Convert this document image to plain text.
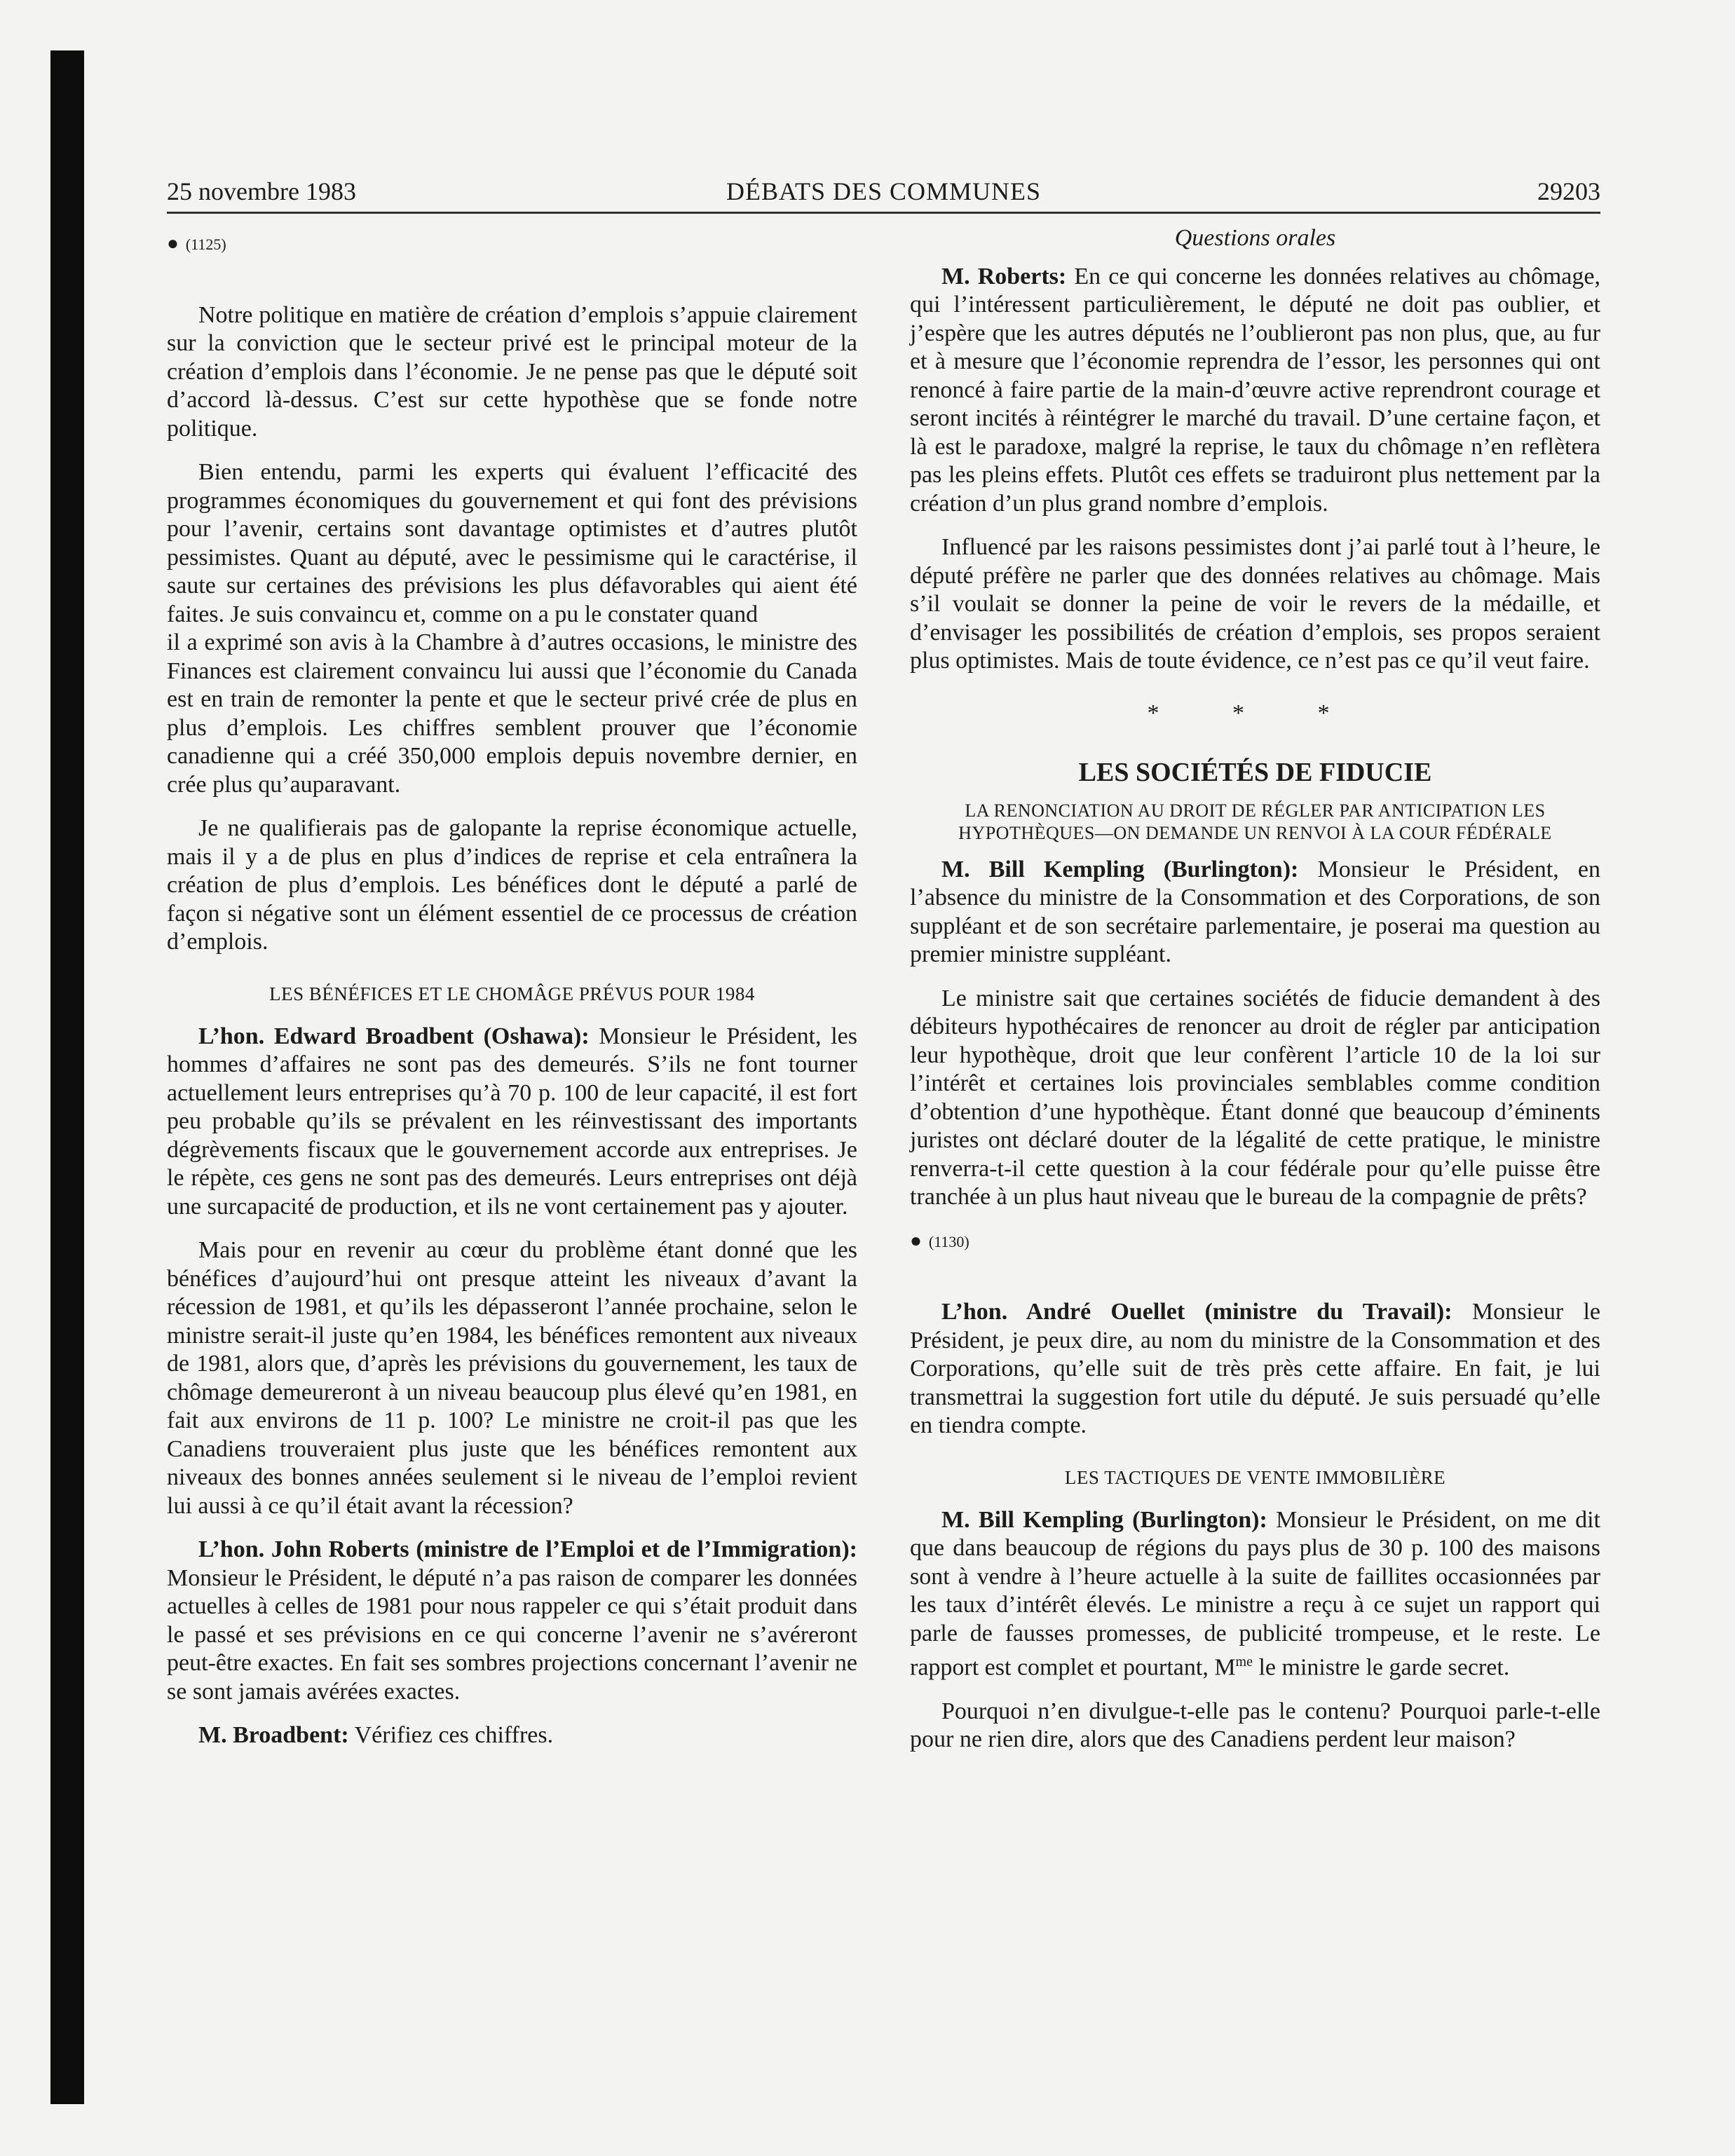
25 novembre 1983	DÉBATS DES COMMUNES	29203

● (1125)

Notre politique en matière de création d’emplois s’appuie clairement sur la conviction que le secteur privé est le principal moteur de la création d’emplois dans l’économie. Je ne pense pas que le député soit d’accord là-dessus. C’est sur cette hypothèse que se fonde notre politique.

Bien entendu, parmi les experts qui évaluent l’efficacité des programmes économiques du gouvernement et qui font des prévisions pour l’avenir, certains sont davantage optimistes et d’autres plutôt pessimistes. Quant au député, avec le pessimisme qui le caractérise, il saute sur certaines des prévisions les plus défavorables qui aient été faites. Je suis convaincu et, comme on a pu le constater quand

il a exprimé son avis à la Chambre à d’autres occasions, le ministre des Finances est clairement convaincu lui aussi que l’économie du Canada est en train de remonter la pente et que le secteur privé crée de plus en plus d’emplois. Les chiffres semblent prouver que l’économie canadienne qui a créé 350,000 emplois depuis novembre dernier, en crée plus qu’auparavant.

Je ne qualifierais pas de galopante la reprise économique actuelle, mais il y a de plus en plus d’indices de reprise et cela entraînera la création de plus d’emplois. Les bénéfices dont le député a parlé de façon si négative sont un élément essentiel de ce processus de création d’emplois.

LES BÉNÉFICES ET LE CHOMÂGE PRÉVUS POUR 1984

L’hon. Edward Broadbent (Oshawa): Monsieur le Président, les hommes d’affaires ne sont pas des demeurés. S’ils ne font tourner actuellement leurs entreprises qu’à 70 p. 100 de leur capacité, il est fort peu probable qu’ils se prévalent en les réinvestissant des importants dégrèvements fiscaux que le gouvernement accorde aux entreprises. Je le répète, ces gens ne sont pas des demeurés. Leurs entreprises ont déjà une surcapacité de production, et ils ne vont certainement pas y ajouter.

Mais pour en revenir au cœur du problème étant donné que les bénéfices d’aujourd’hui ont presque atteint les niveaux d’avant la récession de 1981, et qu’ils les dépasseront l’année prochaine, selon le ministre serait-il juste qu’en 1984, les bénéfices remontent aux niveaux de 1981, alors que, d’après les prévisions du gouvernement, les taux de chômage demeureront à un niveau beaucoup plus élevé qu’en 1981, en fait aux environs de 11 p. 100? Le ministre ne croit-il pas que les Canadiens trouveraient plus juste que les bénéfices remontent aux niveaux des bonnes années seulement si le niveau de l’emploi revient lui aussi à ce qu’il était avant la récession?

L’hon. John Roberts (ministre de l’Emploi et de l’Immigration): Monsieur le Président, le député n’a pas raison de comparer les données actuelles à celles de 1981 pour nous rappeler ce qui s’était produit dans le passé et ses prévisions en ce qui concerne l’avenir ne s’avéreront peut-être exactes. En fait ses sombres projections concernant l’avenir ne se sont jamais avérées exactes.

M. Broadbent: Vérifiez ces chiffres.

Questions orales

M. Roberts: En ce qui concerne les données relatives au chômage, qui l’intéressent particulièrement, le député ne doit pas oublier, et j’espère que les autres députés ne l’oublieront pas non plus, que, au fur et à mesure que l’économie reprendra de l’essor, les personnes qui ont renoncé à faire partie de la main-d’œuvre active reprendront courage et seront incités à réintégrer le marché du travail. D’une certaine façon, et là est le paradoxe, malgré la reprise, le taux du chômage n’en reflètera pas les pleins effets. Plutôt ces effets se traduiront plus nettement par la création d’un plus grand nombre d’emplois.

Influencé par les raisons pessimistes dont j’ai parlé tout à l’heure, le député préfère ne parler que des données relatives au chômage. Mais s’il voulait se donner la peine de voir le revers de la médaille, et d’envisager les possibilités de création d’emplois, ses propos seraient plus optimistes. Mais de toute évidence, ce n’est pas ce qu’il veut faire.

* * *

LES SOCIÉTÉS DE FIDUCIE

LA RENONCIATION AU DROIT DE RÉGLER PAR ANTICIPATION LES HYPOTHÈQUES—ON DEMANDE UN RENVOI À LA COUR FÉDÉRALE

M. Bill Kempling (Burlington): Monsieur le Président, en l’absence du ministre de la Consommation et des Corporations, de son suppléant et de son secrétaire parlementaire, je poserai ma question au premier ministre suppléant.

Le ministre sait que certaines sociétés de fiducie demandent à des débiteurs hypothécaires de renoncer au droit de régler par anticipation leur hypothèque, droit que leur confèrent l’article 10 de la loi sur l’intérêt et certaines lois provinciales semblables comme condition d’obtention d’une hypothèque. Étant donné que beaucoup d’éminents juristes ont déclaré douter de la légalité de cette pratique, le ministre renverra-t-il cette question à la cour fédérale pour qu’elle puisse être tranchée à un plus haut niveau que le bureau de la compagnie de prêts?

● (1130)

L’hon. André Ouellet (ministre du Travail): Monsieur le Président, je peux dire, au nom du ministre de la Consommation et des Corporations, qu’elle suit de très près cette affaire. En fait, je lui transmettrai la suggestion fort utile du député. Je suis persuadé qu’elle en tiendra compte.

LES TACTIQUES DE VENTE IMMOBILIÈRE

M. Bill Kempling (Burlington): Monsieur le Président, on me dit que dans beaucoup de régions du pays plus de 30 p. 100 des maisons sont à vendre à l’heure actuelle à la suite de faillites occasionnées par les taux d’intérêt élevés. Le ministre a reçu à ce sujet un rapport qui parle de fausses promesses, de publicité trompeuse, et le reste. Le rapport est complet et pourtant, $M^{me}$ le ministre le garde secret.

Pourquoi n’en divulgue-t-elle pas le contenu? Pourquoi parle-t-elle pour ne rien dire, alors que des Canadiens perdent leur maison?
